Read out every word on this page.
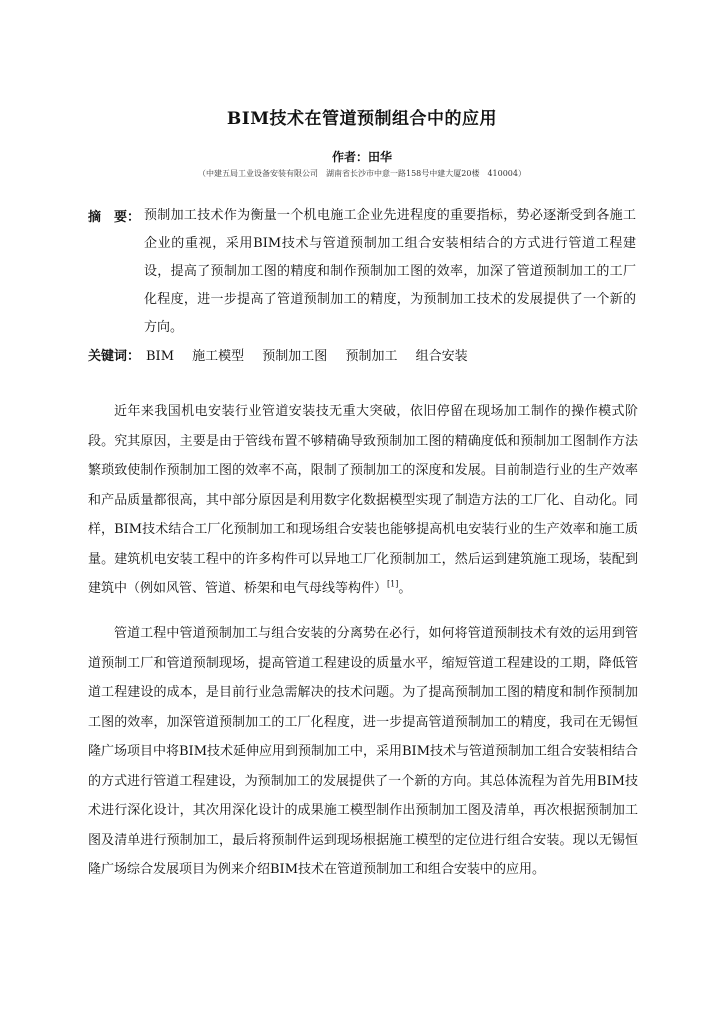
BIM技术在管道预制组合中的应用
作者：田华
（中建五局工业设备安装有限公司　湖南省长沙市中意一路158号中建大厦20楼　410004）
摘　要： 预制加工技术作为衡量一个机电施工企业先进程度的重要指标，势必逐渐受到各施工企业的重视，采用BIM技术与管道预制加工组合安装相结合的方式进行管道工程建设，提高了预制加工图的精度和制作预制加工图的效率，加深了管道预制加工的工厂化程度，进一步提高了管道预制加工的精度，为预制加工技术的发展提供了一个新的方向。
关键词： BIM 施工模型 预制加工图 预制加工 组合安装

近年来我国机电安装行业管道安装技无重大突破，依旧停留在现场加工制作的操作模式阶段。究其原因，主要是由于管线布置不够精确导致预制加工图的精确度低和预制加工图制作方法繁琐致使制作预制加工图的效率不高，限制了预制加工的深度和发展。目前制造行业的生产效率和产品质量都很高，其中部分原因是利用数字化数据模型实现了制造方法的工厂化、自动化。同样，BIM技术结合工厂化预制加工和现场组合安装也能够提高机电安装行业的生产效率和施工质量。建筑机电安装工程中的许多构件可以异地工厂化预制加工，然后运到建筑施工现场，装配到建筑中（例如风管、管道、桥架和电气母线等构件）[1]。

管道工程中管道预制加工与组合安装的分离势在必行，如何将管道预制技术有效的运用到管道预制工厂和管道预制现场，提高管道工程建设的质量水平，缩短管道工程建设的工期，降低管道工程建设的成本，是目前行业急需解决的技术问题。为了提高预制加工图的精度和制作预制加工图的效率，加深管道预制加工的工厂化程度，进一步提高管道预制加工的精度，我司在无锡恒隆广场项目中将BIM技术延伸应用到预制加工中，采用BIM技术与管道预制加工组合安装相结合的方式进行管道工程建设，为预制加工的发展提供了一个新的方向。其总体流程为首先用BIM技术进行深化设计，其次用深化设计的成果施工模型制作出预制加工图及清单，再次根据预制加工图及清单进行预制加工，最后将预制件运到现场根据施工模型的定位进行组合安装。现以无锡恒隆广场综合发展项目为例来介绍BIM技术在管道预制加工和组合安装中的应用。
